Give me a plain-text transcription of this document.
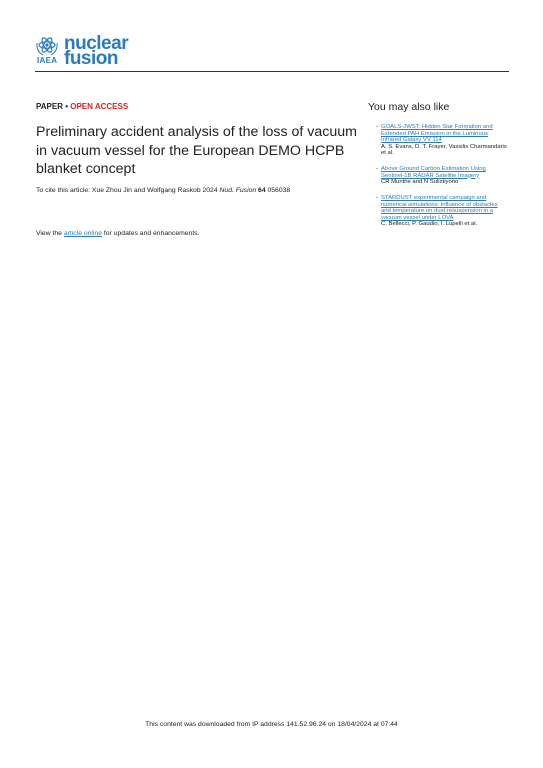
IAEA
nuclear
fusion
PAPER • OPEN ACCESS
Preliminary accident analysis of the loss of vacuum in vacuum vessel for the European DEMO HCPB blanket concept
To cite this article: Xue Zhou Jin and Wolfgang Raskob 2024 Nud. Fusion 64 056038
View the article online for updates and enhancements.
You may also like
- GOALS-JWST: Hidden Star Formation and Extended PAH Emission in the Luminous Infrared Galaxy VV 114
A. S. Evans, D. T. Frayer, Vassilis Charmandaris et al.
- Above Ground Carbon Estimation Using Sentinel-1B RADAR Satellite Imagery
CR Munthe and N Sulistiyono
- STARDUST experimental campaign and numerical simulations: influence of obstacles and temperature on dust resuspension in a vacuum vessel under LOVA
C. Bellecci, P. Gaudio, I. Lupelli et al.
This content was downloaded from IP address 141.52.96.24 on 18/04/2024 at 07:44
